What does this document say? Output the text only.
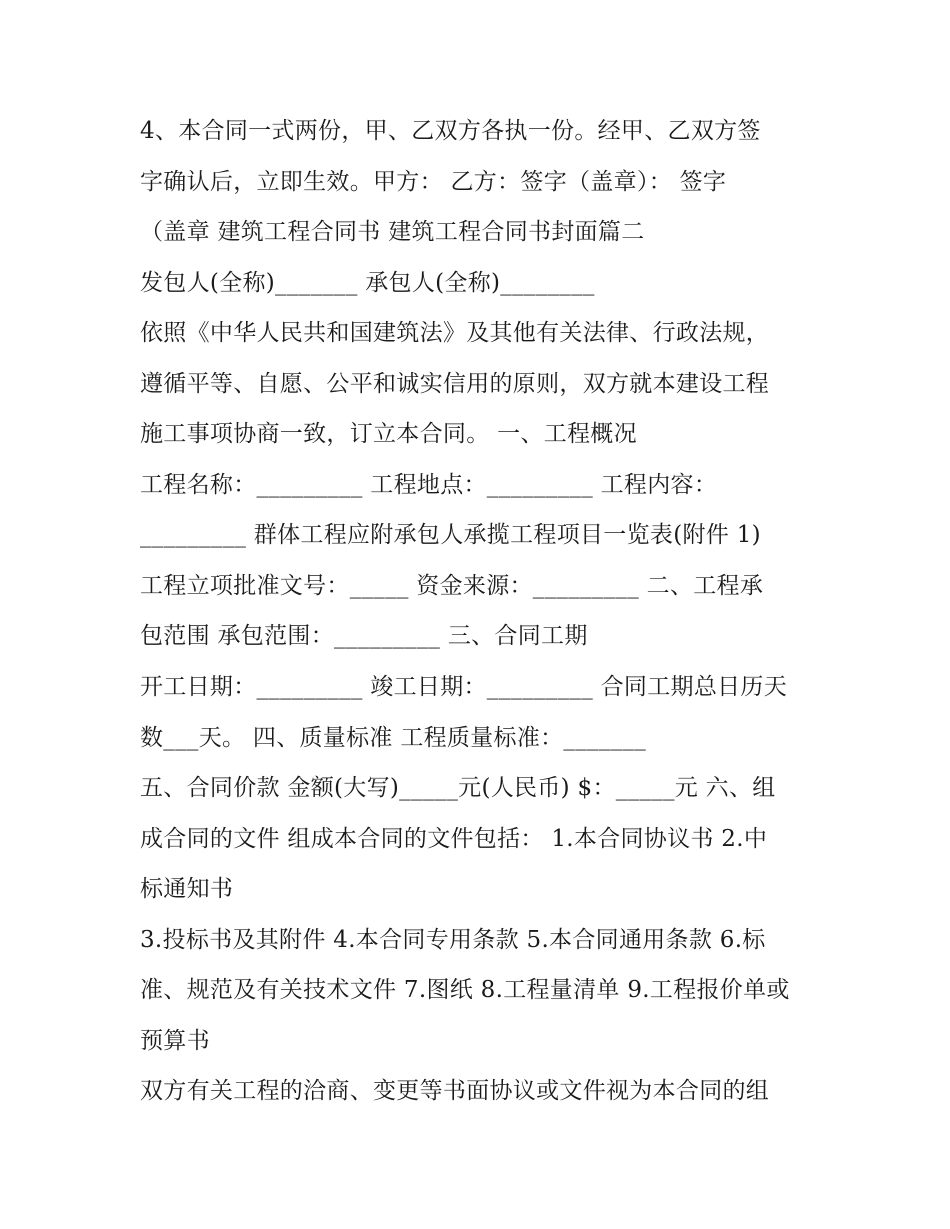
4、本合同一式两份，甲、乙双方各执一份。经甲、乙双方签
字确认后，立即生效。甲方： 乙方：签字（盖章）： 签字
（盖章 建筑工程合同书 建筑工程合同书封面篇二
发包人(全称)_______ 承包人(全称)________
依照《中华人民共和国建筑法》及其他有关法律、行政法规，
遵循平等、自愿、公平和诚实信用的原则，双方就本建设工程
施工事项协商一致，订立本合同。 一、工程概况
工程名称：_________ 工程地点：_________ 工程内容：
_________ 群体工程应附承包人承揽工程项目一览表(附件 1)
工程立项批准文号：_____ 资金来源：_________ 二、工程承
包范围 承包范围：_________ 三、合同工期
开工日期：_________ 竣工日期：_________ 合同工期总日历天
数___天。 四、质量标准 工程质量标准：_______
五、合同价款 金额(大写)_____元(人民币) $：_____元 六、组
成合同的文件 组成本合同的文件包括： 1.本合同协议书 2.中
标通知书
3.投标书及其附件 4.本合同专用条款 5.本合同通用条款 6.标
准、规范及有关技术文件 7.图纸 8.工程量清单 9.工程报价单或
预算书
双方有关工程的洽商、变更等书面协议或文件视为本合同的组
